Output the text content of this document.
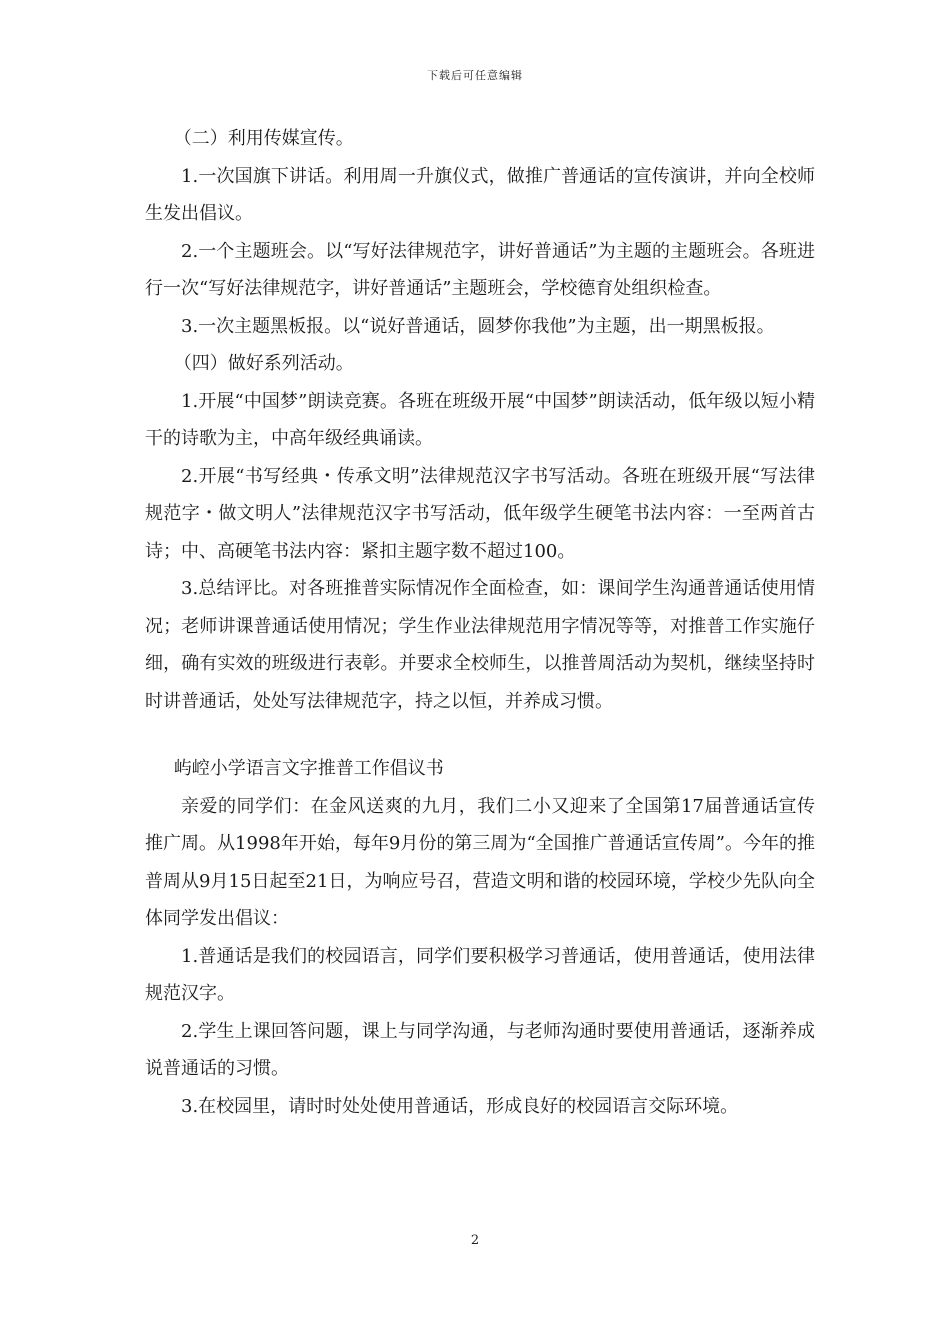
下载后可任意编辑

（二）利用传媒宣传。

1.一次国旗下讲话。利用周一升旗仪式，做推广普通话的宣传演讲，并向全校师生发出倡议。

2.一个主题班会。以“写好法律规范字，讲好普通话”为主题的主题班会。各班进行一次“写好法律规范字，讲好普通话”主题班会，学校德育处组织检查。

3.一次主题黑板报。以“说好普通话，圆梦你我他”为主题，出一期黑板报。

（四）做好系列活动。

1.开展“中国梦”朗读竞赛。各班在班级开展“中国梦”朗读活动，低年级以短小精干的诗歌为主，中高年级经典诵读。

2.开展“书写经典・传承文明”法律规范汉字书写活动。各班在班级开展“写法律规范字・做文明人”法律规范汉字书写活动，低年级学生硬笔书法内容：一至两首古诗；中、高硬笔书法内容：紧扣主题字数不超过100。

3.总结评比。对各班推普实际情况作全面检查，如：课间学生沟通普通话使用情况；老师讲课普通话使用情况；学生作业法律规范用字情况等等，对推普工作实施仔细，确有实效的班级进行表彰。并要求全校师生，以推普周活动为契机，继续坚持时时讲普通话，处处写法律规范字，持之以恒，并养成习惯。

屿崆小学语言文字推普工作倡议书

亲爱的同学们：在金风送爽的九月，我们二小又迎来了全国第17届普通话宣传推广周。从1998年开始，每年9月份的第三周为“全国推广普通话宣传周”。今年的推普周从9月15日起至21日，为响应号召，营造文明和谐的校园环境，学校少先队向全体同学发出倡议：

1.普通话是我们的校园语言，同学们要积极学习普通话，使用普通话，使用法律规范汉字。

2.学生上课回答问题，课上与同学沟通，与老师沟通时要使用普通话，逐渐养成说普通话的习惯。

3.在校园里，请时时处处使用普通话，形成良好的校园语言交际环境。

2
